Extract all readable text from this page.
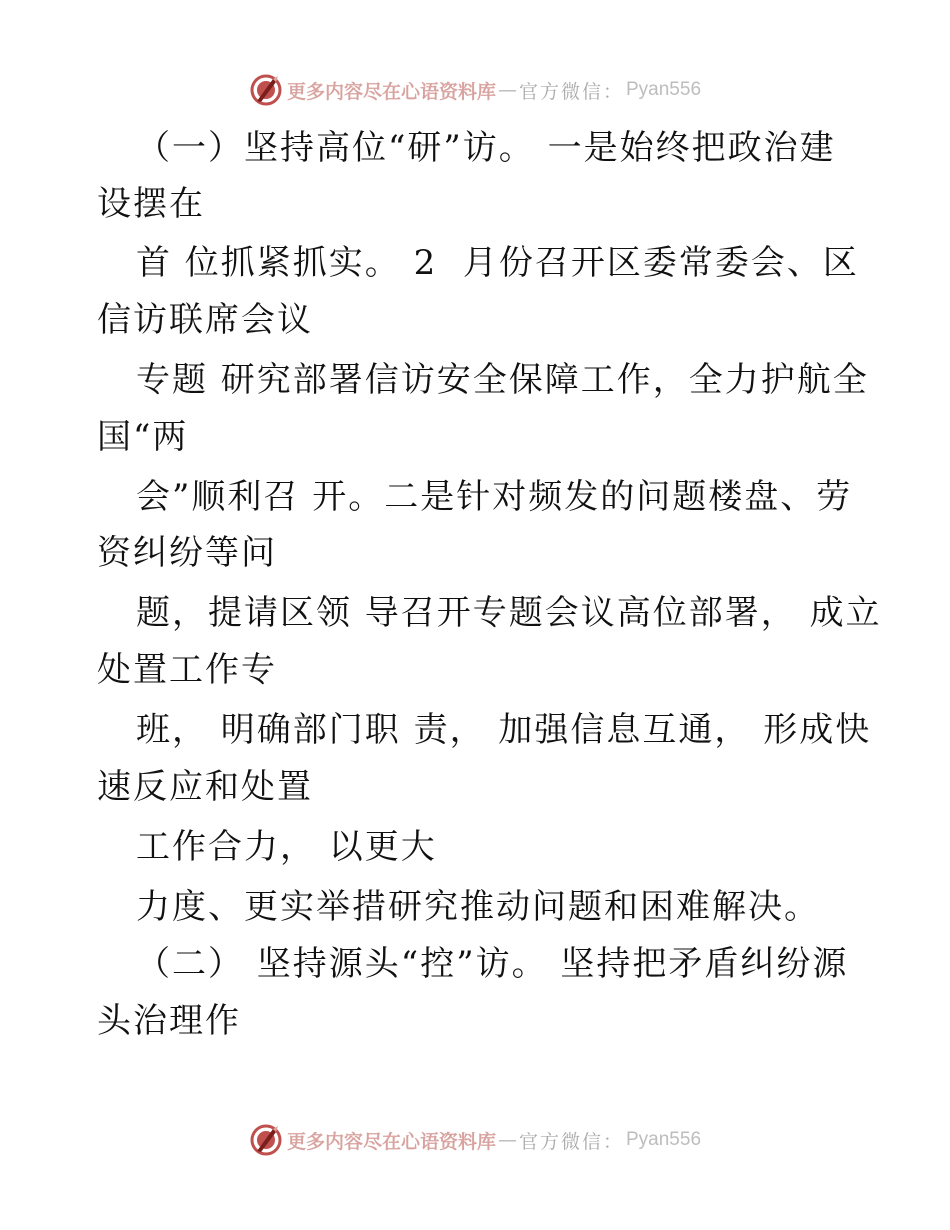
更多内容尽在心语资料库 — 官方微信： Pyan556
（一）坚持高位“研”访。 一是始终把政治建
设摆在
首 位抓紧抓实。 2  月份召开区委常委会、区
信访联席会议
专题 研究部署信访安全保障工作，全力护航全
国“两
会”顺利召 开。二是针对频发的问题楼盘、劳
资纠纷等问
题，提请区领 导召开专题会议高位部署， 成立
处置工作专
班， 明确部门职 责， 加强信息互通， 形成快
速反应和处置
工作合力， 以更大
力度、更实举措研究推动问题和困难解决。
（二） 坚持源头“控”访。 坚持把矛盾纠纷源
头治理作
更多内容尽在心语资料库 — 官方微信： Pyan556
